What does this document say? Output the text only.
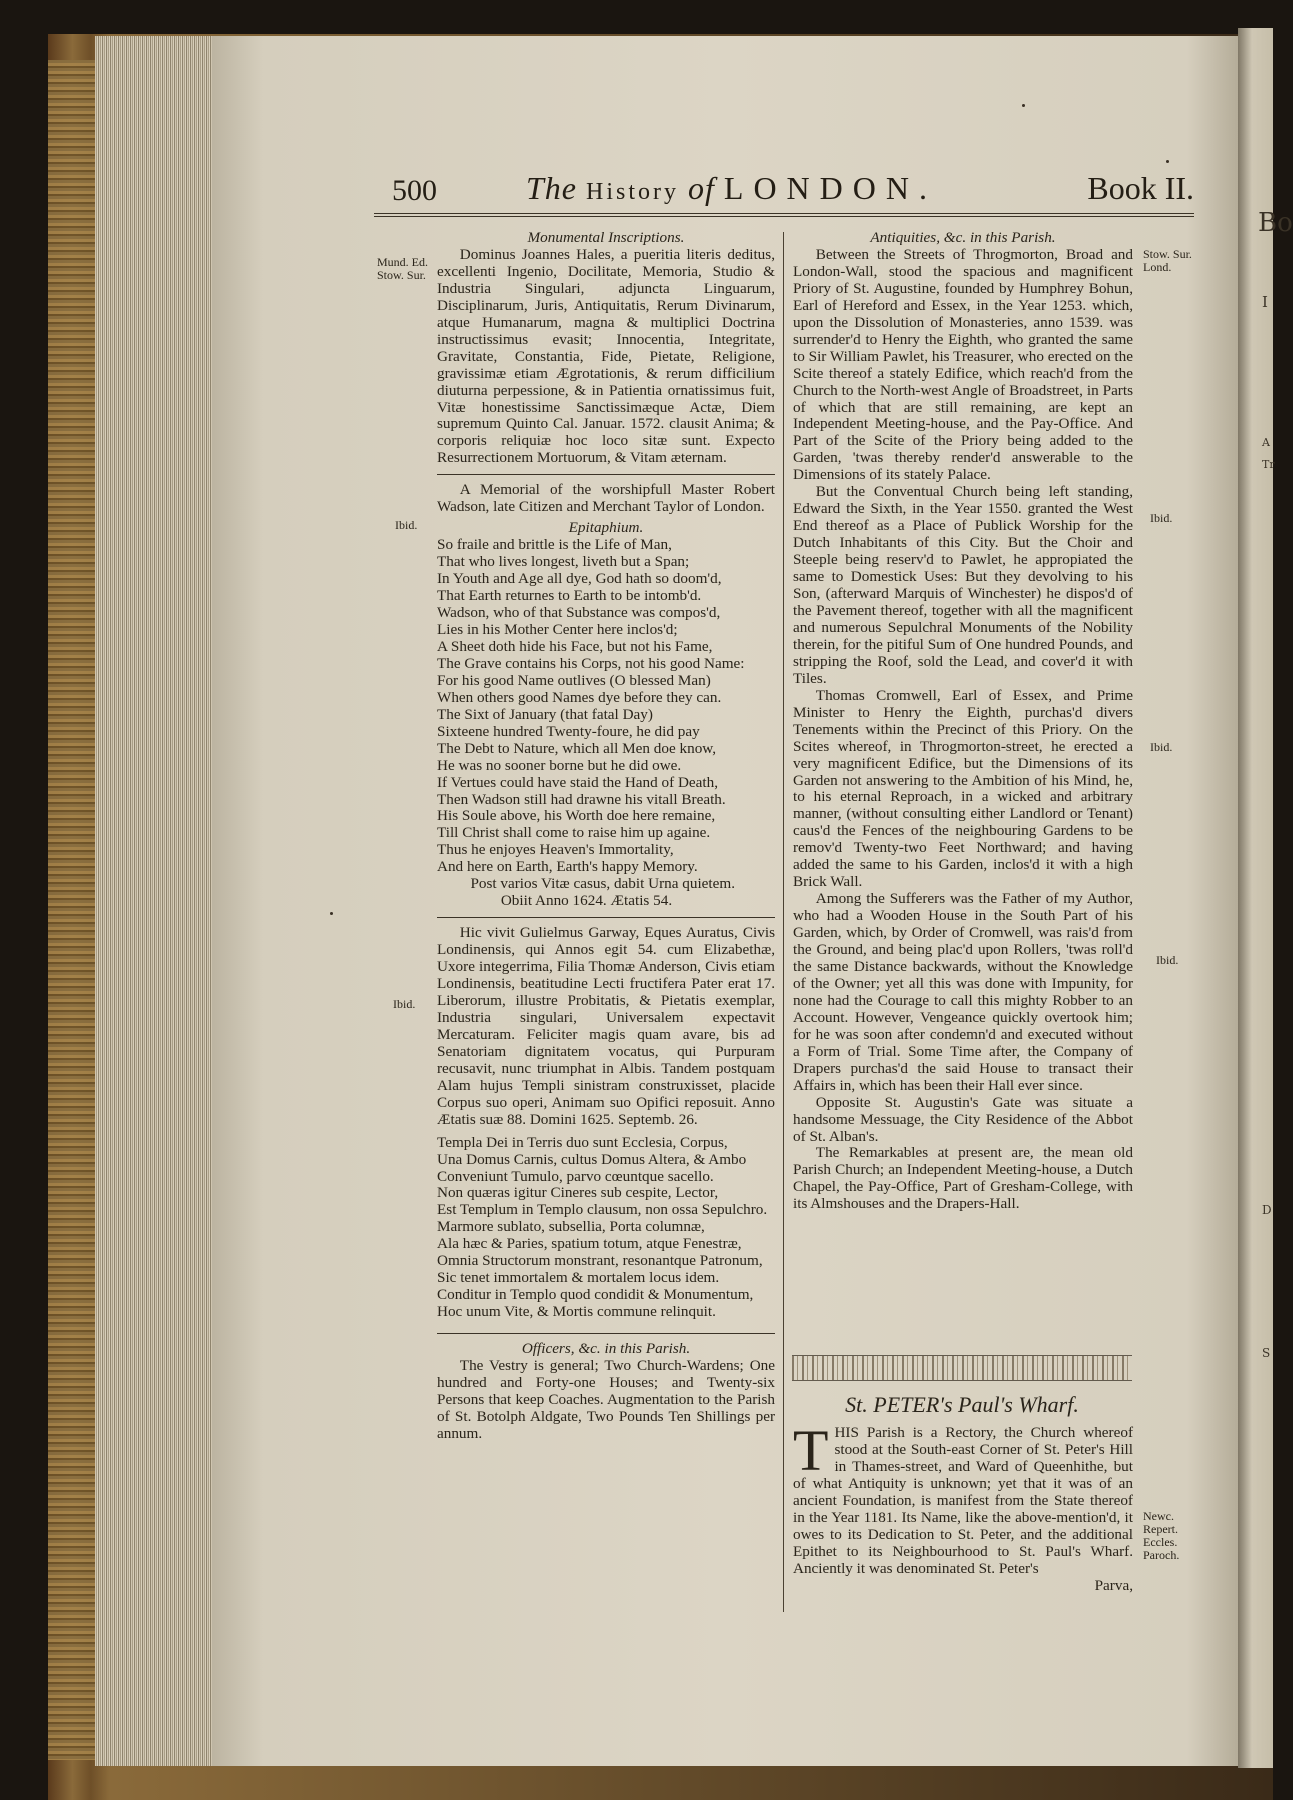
Bo
I
A
Tr
D
S
500	The History of LONDON.	Book II.

Monumental Inscriptions.

Dominus Joannes Hales, a pueritia literis deditus, excellenti Ingenio, Docilitate, Memoria, Studio & Industria Singulari, adjuncta Linguarum, Disciplinarum, Juris, Antiquitatis, Rerum Divinarum, atque Humanarum, magna & multiplici Doctrina instructissimus evasit; Innocentia, Integritate, Gravitate, Constantia, Fide, Pietate, Religione, gravissimæ etiam Ægrotationis, & rerum difficilium diuturna perpessione, & in Patientia ornatissimus fuit, Vitæ honestissime Sanctissimæque Actæ, Diem supremum Quinto Cal. Januar. 1572. clausit Anima; & corporis reliquiæ hoc loco sitæ sunt. Expecto Resurrectionem Mortuorum, & Vitam æternam.

A Memorial of the worshipfull Master Robert Wadson, late Citizen and Merchant Taylor of London.

Epitaphium.

So fraile and brittle is the Life of Man,

That who lives longest, liveth but a Span;

In Youth and Age all dye, God hath so doom'd,

That Earth returnes to Earth to be intomb'd.

Wadson, who of that Substance was compos'd,

Lies in his Mother Center here inclos'd;

A Sheet doth hide his Face, but not his Fame,

The Grave contains his Corps, not his good Name:

For his good Name outlives (O blessed Man)

When others good Names dye before they can.

The Sixt of January (that fatal Day)

Sixteene hundred Twenty-foure, he did pay

The Debt to Nature, which all Men doe know,

He was no sooner borne but he did owe.

If Vertues could have staid the Hand of Death,

Then Wadson still had drawne his vitall Breath.

His Soule above, his Worth doe here remaine,

Till Christ shall come to raise him up againe.

Thus he enjoyes Heaven's Immortality,

And here on Earth, Earth's happy Memory.

Post varios Vitæ casus, dabit Urna quietem.

Obiit Anno 1624. Ætatis 54.

Hic vivit Gulielmus Garway, Eques Auratus, Civis Londinensis, qui Annos egit 54. cum Elizabethæ, Uxore integerrima, Filia Thomæ Anderson, Civis etiam Londinensis, beatitudine Lecti fructifera Pater erat 17. Liberorum, illustre Probitatis, & Pietatis exemplar, Industria singulari, Universalem expectavit Mercaturam. Feliciter magis quam avare, bis ad Senatoriam dignitatem vocatus, qui Purpuram recusavit, nunc triumphat in Albis. Tandem postquam Alam hujus Templi sinistram construxisset, placide Corpus suo operi, Animam suo Opifici reposuit. Anno Ætatis suæ 88. Domini 1625. Septemb. 26.

Templa Dei in Terris duo sunt Ecclesia, Corpus,

Una Domus Carnis, cultus Domus Altera, & Ambo

Conveniunt Tumulo, parvo cœuntque sacello.

Non quæras igitur Cineres sub cespite, Lector,

Est Templum in Templo clausum, non ossa Sepulchro.

Marmore sublato, subsellia, Porta columnæ,

Ala hæc & Paries, spatium totum, atque Fenestræ,

Omnia Structorum monstrant, resonantque Patronum,

Sic tenet immortalem & mortalem locus idem.

Conditur in Templo quod condidit & Monumentum,

Hoc unum Vite, & Mortis commune relinquit.

Officers, &c. in this Parish.

The Vestry is general; Two Church-Wardens; One hundred and Forty-one Houses; and Twenty-six Persons that keep Coaches. Augmentation to the Parish of St. Botolph Aldgate, Two Pounds Ten Shillings per annum.

Antiquities, &c. in this Parish.

Between the Streets of Throgmorton, Broad and London-Wall, stood the spacious and magnificent Priory of St. Augustine, founded by Humphrey Bohun, Earl of Hereford and Essex, in the Year 1253. which, upon the Dissolution of Monasteries, anno 1539. was surrender'd to Henry the Eighth, who granted the same to Sir William Pawlet, his Treasurer, who erected on the Scite thereof a stately Edifice, which reach'd from the Church to the North-west Angle of Broadstreet, in Parts of which that are still remaining, are kept an Independent Meeting-house, and the Pay-Office. And Part of the Scite of the Priory being added to the Garden, 'twas thereby render'd answerable to the Dimensions of its stately Palace.

But the Conventual Church being left standing, Edward the Sixth, in the Year 1550. granted the West End thereof as a Place of Publick Worship for the Dutch Inhabitants of this City. But the Choir and Steeple being reserv'd to Pawlet, he appropiated the same to Domestick Uses: But they devolving to his Son, (afterward Marquis of Winchester) he dispos'd of the Pavement thereof, together with all the magnificent and numerous Sepulchral Monuments of the Nobility therein, for the pitiful Sum of One hundred Pounds, and stripping the Roof, sold the Lead, and cover'd it with Tiles.

Thomas Cromwell, Earl of Essex, and Prime Minister to Henry the Eighth, purchas'd divers Tenements within the Precinct of this Priory. On the Scites whereof, in Throgmorton-street, he erected a very magnificent Edifice, but the Dimensions of its Garden not answering to the Ambition of his Mind, he, to his eternal Reproach, in a wicked and arbitrary manner, (without consulting either Landlord or Tenant) caus'd the Fences of the neighbouring Gardens to be remov'd Twenty-two Feet Northward; and having added the same to his Garden, inclos'd it with a high Brick Wall.

Among the Sufferers was the Father of my Author, who had a Wooden House in the South Part of his Garden, which, by Order of Cromwell, was rais'd from the Ground, and being plac'd upon Rollers, 'twas roll'd the same Distance backwards, without the Knowledge of the Owner; yet all this was done with Impunity, for none had the Courage to call this mighty Robber to an Account. However, Vengeance quickly overtook him; for he was soon after condemn'd and executed without a Form of Trial. Some Time after, the Company of Drapers purchas'd the said House to transact their Affairs in, which has been their Hall ever since.

Opposite St. Augustin's Gate was situate a handsome Messuage, the City Residence of the Abbot of St. Alban's.

The Remarkables at present are, the mean old Parish Church; an Independent Meeting-house, a Dutch Chapel, the Pay-Office, Part of Gresham-College, with its Almshouses and the Drapers-Hall.

St. PETER's Paul's Wharf.

THIS Parish is a Rectory, the Church whereof stood at the South-east Corner of St. Peter's Hill in Thames-street, and Ward of Queenhithe, but of what Antiquity is unknown; yet that it was of an ancient Foundation, is manifest from the State thereof in the Year 1181. Its Name, like the above-mention'd, it owes to its Dedication to St. Peter, and the additional Epithet to its Neighbourhood to St. Paul's Wharf. Anciently it was denominated St. Peter's

Parva,

Mund. Ed.
Stow. Sur.
Ibid.
Ibid.
Stow. Sur.
Lond.
Ibid.
Ibid.
Ibid.
Newc.
Repert.
Eccles.
Paroch.
